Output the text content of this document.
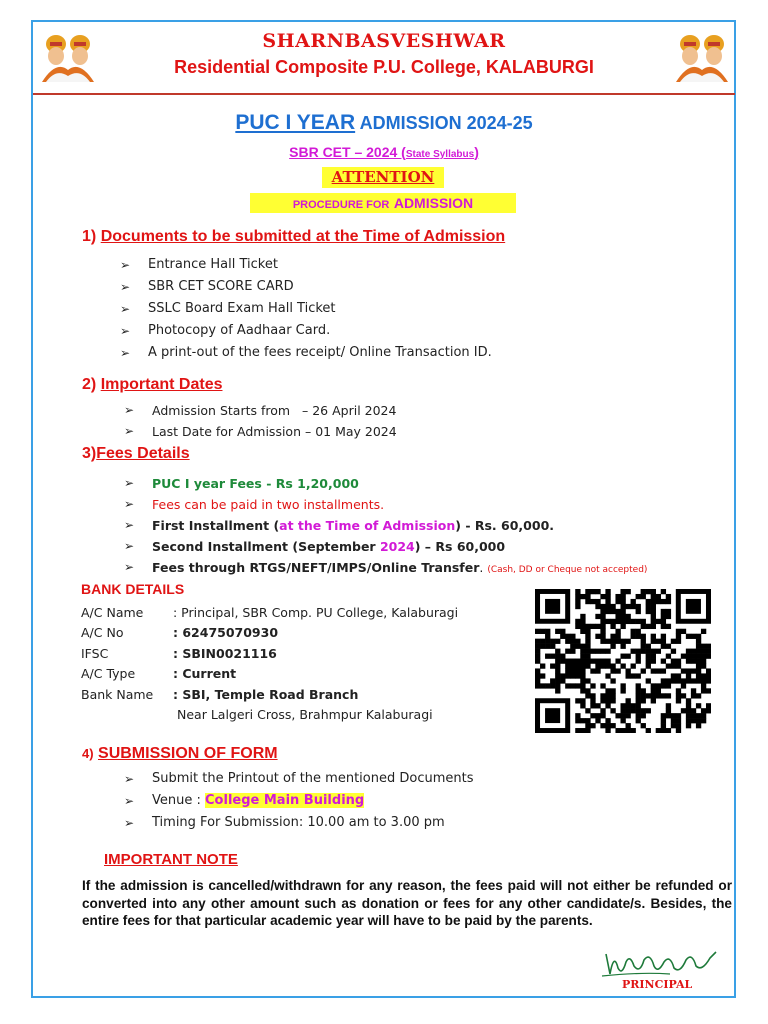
SHARNBASVESHWAR
Residential Composite P.U. College, KALABURGI
PUC I YEAR ADMISSION 2024-25
SBR CET – 2024 (State Syllabus)
ATTENTION
PROCEDURE FOR ADMISSION
1) Documents to be submitted at the Time of Admission
➢ Entrance Hall Ticket
➢ SBR CET SCORE CARD
➢ SSLC Board Exam Hall Ticket
➢ Photocopy of Aadhaar Card.
➢ A print-out of the fees receipt/ Online Transaction ID.
2) Important Dates
➢ Admission Starts from   – 26 April 2024
➢ Last Date for Admission – 01 May 2024
3)Fees Details
➢ PUC I year Fees - Rs 1,20,000
➢ Fees can be paid in two installments.
➢ First Installment (at the Time of Admission) - Rs. 60,000.
➢ Second Installment (September 2024) – Rs 60,000
➢ Fees through RTGS/NEFT/IMPS/Online Transfer. (Cash, DD or Cheque not accepted)
BANK DETAILS
A/C Name	: Principal, SBR Comp. PU College, Kalaburagi
A/C No	: 62475070930
IFSC	: SBIN0021116
A/C Type	: Current
Bank Name	: SBI, Temple Road Branch
	Near Lalgeri Cross, Brahmpur Kalaburagi
4) SUBMISSION OF FORM
➢ Submit the Printout of the mentioned Documents
➢ Venue : College Main Building
➢ Timing For Submission: 10.00 am to 3.00 pm
IMPORTANT NOTE
If the admission is cancelled/withdrawn for any reason, the fees paid will not either be refunded or converted into any other amount such as donation or fees for any other candidate/s. Besides, the entire fees for that particular academic year will have to be paid by the parents.
PRINCIPAL
